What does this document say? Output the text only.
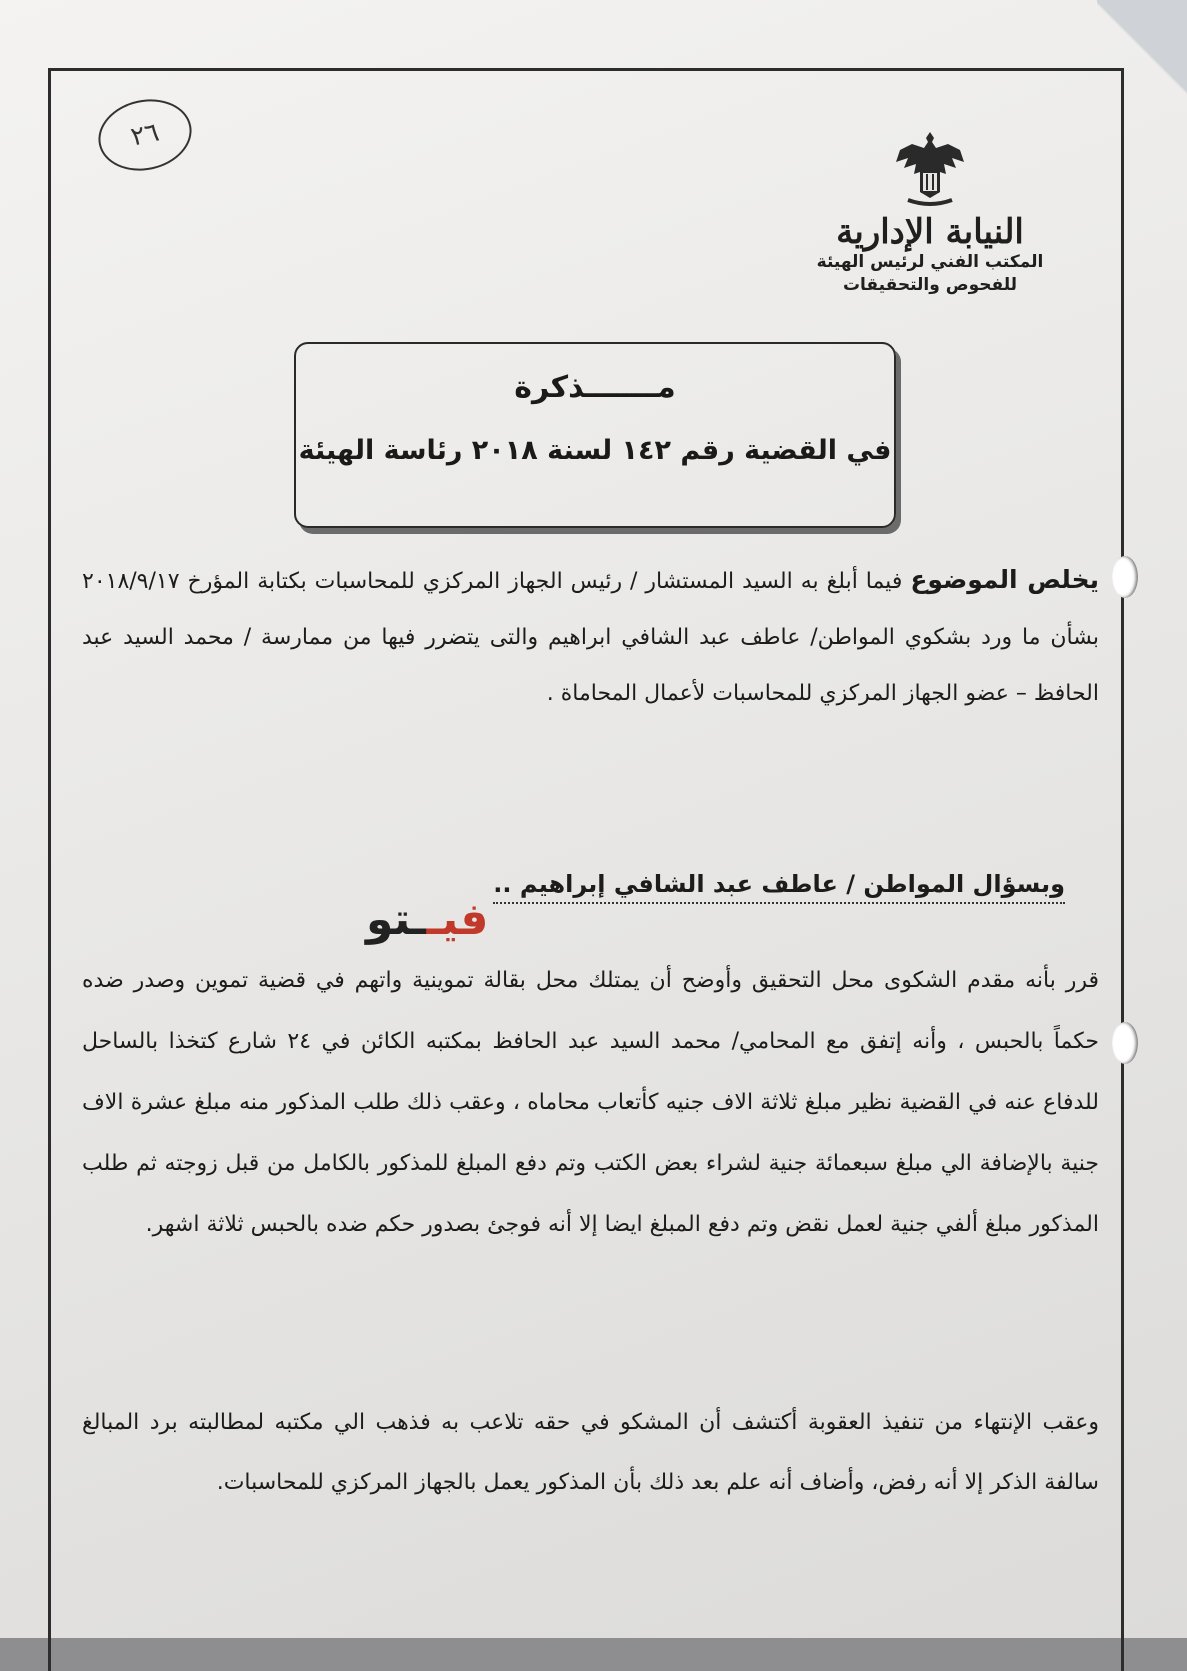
٢٦
النيابة الإدارية
المكتب الفني لرئيس الهيئة
للفحوص والتحقيقات
مـــــــذكرة
في القضية رقم ١٤٢ لسنة ٢٠١٨ رئاسة الهيئة
يخلص الموضوع فيما أبلغ به السيد المستشار / رئيس الجهاز المركزي للمحاسبات بكتابة المؤرخ ٢٠١٨/٩/١٧ بشأن ما ورد بشكوي المواطن/ عاطف عبد الشافي ابراهيم والتى يتضرر فيها من ممارسة / محمد السيد عبد الحافظ – عضو الجهاز المركزي للمحاسبات لأعمال المحاماة .
وبسؤال المواطن / عاطف عبد الشافي إبراهيم ..
فيــتو
قرر بأنه مقدم الشكوى محل التحقيق وأوضح أن يمتلك محل بقالة تموينية واتهم في قضية تموين وصدر ضده حكماً بالحبس ، وأنه إتفق مع المحامي/ محمد السيد عبد الحافظ بمكتبه الكائن في ٢٤ شارع كتخذا بالساحل للدفاع عنه في القضية نظير مبلغ ثلاثة الاف جنيه كأتعاب محاماه ، وعقب ذلك طلب المذكور منه مبلغ عشرة الاف جنية بالإضافة الي مبلغ سبعمائة جنية لشراء بعض الكتب وتم دفع المبلغ للمذكور بالكامل من قبل زوجته ثم طلب المذكور مبلغ ألفي جنية لعمل نقض وتم دفع المبلغ ايضا إلا أنه فوجئ بصدور حكم ضده بالحبس ثلاثة اشهر.
وعقب الإنتهاء من تنفيذ العقوبة أكتشف أن المشكو في حقه تلاعب به فذهب الي مكتبه لمطالبته برد المبالغ سالفة الذكر إلا أنه رفض، وأضاف أنه علم بعد ذلك بأن المذكور يعمل بالجهاز المركزي للمحاسبات.
